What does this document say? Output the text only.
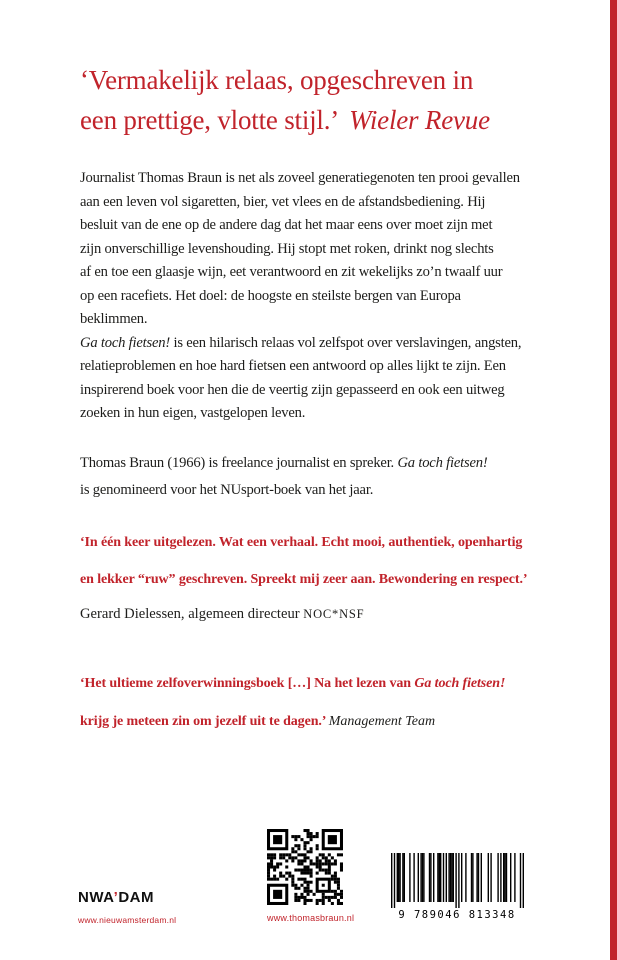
‘Vermakelijk relaas, opgeschreven in
een prettige, vlotte stijl.’ Wieler Revue
Journalist Thomas Braun is net als zoveel generatiegenoten ten prooi gevallen
aan een leven vol sigaretten, bier, vet vlees en de afstandsbediening. Hij
besluit van de ene op de andere dag dat het maar eens over moet zijn met
zijn onverschillige levenshouding. Hij stopt met roken, drinkt nog slechts
af en toe een glaasje wijn, eet verantwoord en zit wekelijks zo’n twaalf uur
op een racefiets. Het doel: de hoogste en steilste bergen van Europa
beklimmen.
Ga toch fietsen! is een hilarisch relaas vol zelfspot over verslavingen, angsten,
relatieproblemen en hoe hard fietsen een antwoord op alles lijkt te zijn. Een
inspirerend boek voor hen die de veertig zijn gepasseerd en ook een uitweg
zoeken in hun eigen, vastgelopen leven.
Thomas Braun (1966) is freelance journalist en spreker. Ga toch fietsen!
is genomineerd voor het NUsport-boek van het jaar.
‘In één keer uitgelezen. Wat een verhaal. Echt mooi, authentiek, openhartig
en lekker “ruw” geschreven. Spreekt mij zeer aan. Bewondering en respect.’
Gerard Dielessen, algemeen directeur NOC*NSF
‘Het ultieme zelfoverwinningsboek […] Na het lezen van Ga toch fietsen!
krijg je meteen zin om jezelf uit te dagen.’ Management Team
NWA’DAM
www.nieuwamsterdam.nl	www.thomasbraun.nl	9 789046 813348
